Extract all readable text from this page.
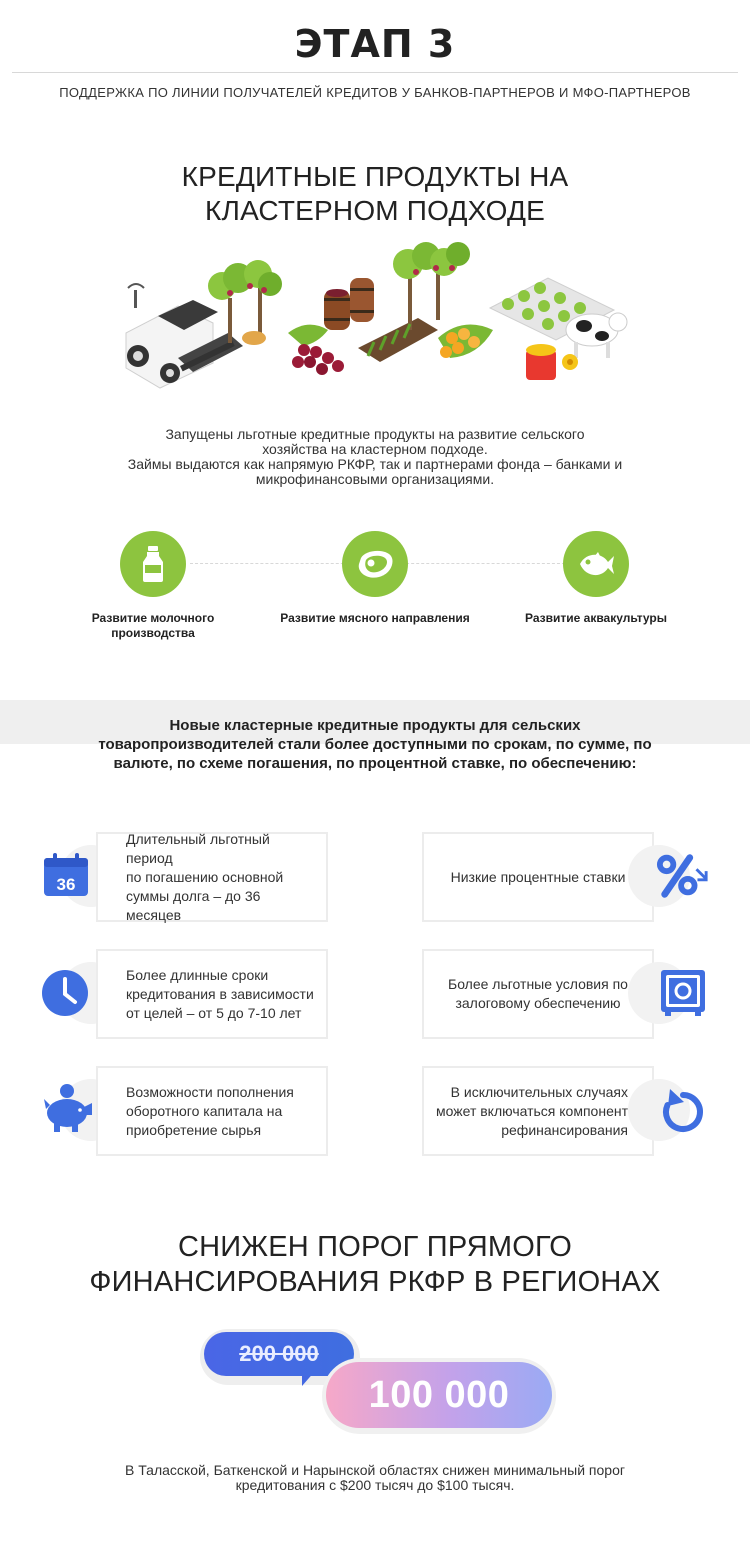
ЭТАП 3
ПОДДЕРЖКА ПО ЛИНИИ ПОЛУЧАТЕЛЕЙ КРЕДИТОВ У БАНКОВ-ПАРТНЕРОВ И МФО-ПАРТНЕРОВ
КРЕДИТНЫЕ ПРОДУКТЫ НА
КЛАСТЕРНОМ ПОДХОДЕ
Запущены льготные кредитные продукты на развитие сельского
хозяйства на кластерном подходе.
Займы выдаются как напрямую РКФР, так и партнерами фонда – банками и
микрофинансовыми организациями.
Развитие молочного
производства
Развитие мясного направления	Развитие аквакультуры
Новые кластерные кредитные продукты для сельских товаропроизводителей стали более доступными по срокам, по сумме, по валюте, по схеме погашения, по процентной ставке, по обеспечению:
36
Длительный льготный период
по погашению основной
суммы долга – до 36 месяцев
Низкие процентные ставки
Более длинные сроки
кредитования в зависимости
от целей – от 5 до 7-10 лет
Более льготные условия по
залоговому обеспечению
Возможности пополнения
оборотного капитала на
приобретение сырья
В исключительных случаях
может включаться компонент
рефинансирования
СНИЖЕН ПОРОГ ПРЯМОГО
ФИНАНСИРОВАНИЯ РКФР В РЕГИОНАХ
200 000
100 000
В Таласской, Баткенской и Нарынской областях снижен минимальный порог
кредитования с $200 тысяч до $100 тысяч.
